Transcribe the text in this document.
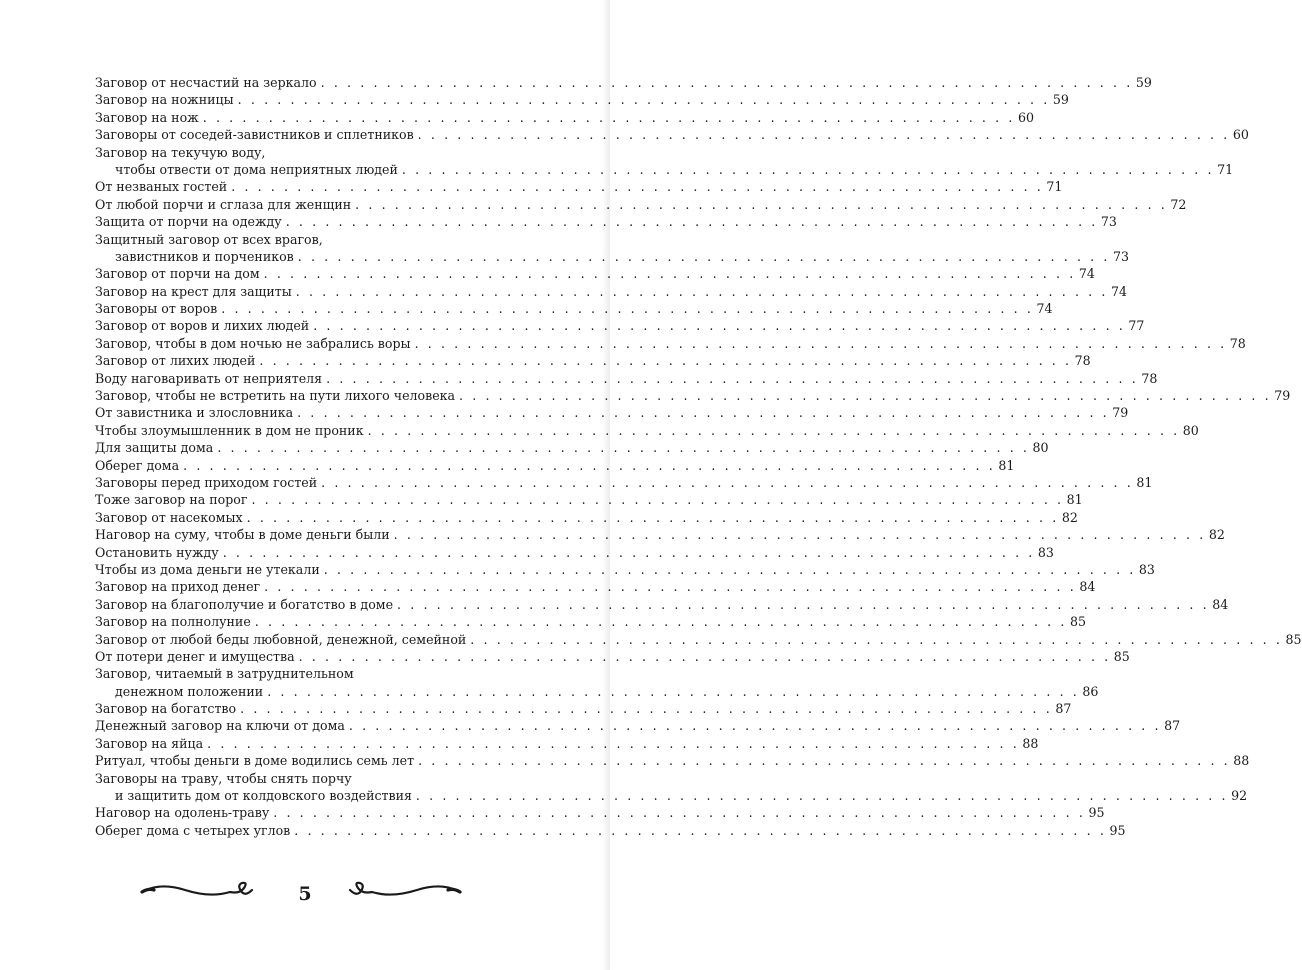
Заговор от несчастий на зеркало . . . . . . . . . . . . . . . . . . . . . . . . . . . . . . . . . . . . . . . . . . . . . . . . . . . . . . . . . . . . . . 59
Заговор на ножницы . . . . . . . . . . . . . . . . . . . . . . . . . . . . . . . . . . . . . . . . . . . . . . . . . . . . . . . . . . . . . . 59
Заговор на нож . . . . . . . . . . . . . . . . . . . . . . . . . . . . . . . . . . . . . . . . . . . . . . . . . . . . . . . . . . . . . . 60
Заговоры от соседей-завистников и сплетников . . . . . . . . . . . . . . . . . . . . . . . . . . . . . . . . . . . . . . . . . . . . . . . . . . . . . . . . . . . . . . 60
Заговор на текучую воду,
чтобы отвести от дома неприятных людей . . . . . . . . . . . . . . . . . . . . . . . . . . . . . . . . . . . . . . . . . . . . . . . . . . . . . . . . . . . . . . 71
От незваных гостей . . . . . . . . . . . . . . . . . . . . . . . . . . . . . . . . . . . . . . . . . . . . . . . . . . . . . . . . . . . . . . 71
От любой порчи и сглаза для женщин . . . . . . . . . . . . . . . . . . . . . . . . . . . . . . . . . . . . . . . . . . . . . . . . . . . . . . . . . . . . . . 72
Защита от порчи на одежду . . . . . . . . . . . . . . . . . . . . . . . . . . . . . . . . . . . . . . . . . . . . . . . . . . . . . . . . . . . . . . 73
Защитный заговор от всех врагов,
завистников и порчеников . . . . . . . . . . . . . . . . . . . . . . . . . . . . . . . . . . . . . . . . . . . . . . . . . . . . . . . . . . . . . . 73
Заговор от порчи на дом . . . . . . . . . . . . . . . . . . . . . . . . . . . . . . . . . . . . . . . . . . . . . . . . . . . . . . . . . . . . . . 74
Заговор на крест для защиты . . . . . . . . . . . . . . . . . . . . . . . . . . . . . . . . . . . . . . . . . . . . . . . . . . . . . . . . . . . . . . 74
Заговоры от воров . . . . . . . . . . . . . . . . . . . . . . . . . . . . . . . . . . . . . . . . . . . . . . . . . . . . . . . . . . . . . . 74
Заговор от воров и лихих людей . . . . . . . . . . . . . . . . . . . . . . . . . . . . . . . . . . . . . . . . . . . . . . . . . . . . . . . . . . . . . . 77
Заговор, чтобы в дом ночью не забрались воры . . . . . . . . . . . . . . . . . . . . . . . . . . . . . . . . . . . . . . . . . . . . . . . . . . . . . . . . . . . . . . 78
Заговор от лихих людей . . . . . . . . . . . . . . . . . . . . . . . . . . . . . . . . . . . . . . . . . . . . . . . . . . . . . . . . . . . . . . 78
Воду наговаривать от неприятеля . . . . . . . . . . . . . . . . . . . . . . . . . . . . . . . . . . . . . . . . . . . . . . . . . . . . . . . . . . . . . . 78
Заговор, чтобы не встретить на пути лихого человека . . . . . . . . . . . . . . . . . . . . . . . . . . . . . . . . . . . . . . . . . . . . . . . . . . . . . . . . . . . . . . 79
От завистника и злословника . . . . . . . . . . . . . . . . . . . . . . . . . . . . . . . . . . . . . . . . . . . . . . . . . . . . . . . . . . . . . . 79
Чтобы злоумышленник в дом не проник . . . . . . . . . . . . . . . . . . . . . . . . . . . . . . . . . . . . . . . . . . . . . . . . . . . . . . . . . . . . . . 80
Для защиты дома . . . . . . . . . . . . . . . . . . . . . . . . . . . . . . . . . . . . . . . . . . . . . . . . . . . . . . . . . . . . . . 80
Оберег дома . . . . . . . . . . . . . . . . . . . . . . . . . . . . . . . . . . . . . . . . . . . . . . . . . . . . . . . . . . . . . . 81
Заговоры перед приходом гостей . . . . . . . . . . . . . . . . . . . . . . . . . . . . . . . . . . . . . . . . . . . . . . . . . . . . . . . . . . . . . . 81
Тоже заговор на порог . . . . . . . . . . . . . . . . . . . . . . . . . . . . . . . . . . . . . . . . . . . . . . . . . . . . . . . . . . . . . . 81
Заговор от насекомых . . . . . . . . . . . . . . . . . . . . . . . . . . . . . . . . . . . . . . . . . . . . . . . . . . . . . . . . . . . . . . 82
Наговор на суму, чтобы в доме деньги были . . . . . . . . . . . . . . . . . . . . . . . . . . . . . . . . . . . . . . . . . . . . . . . . . . . . . . . . . . . . . . 82
Остановить нужду . . . . . . . . . . . . . . . . . . . . . . . . . . . . . . . . . . . . . . . . . . . . . . . . . . . . . . . . . . . . . . 83
Чтобы из дома деньги не утекали . . . . . . . . . . . . . . . . . . . . . . . . . . . . . . . . . . . . . . . . . . . . . . . . . . . . . . . . . . . . . . 83
Заговор на приход денег . . . . . . . . . . . . . . . . . . . . . . . . . . . . . . . . . . . . . . . . . . . . . . . . . . . . . . . . . . . . . . 84
Заговор на благополучие и богатство в доме . . . . . . . . . . . . . . . . . . . . . . . . . . . . . . . . . . . . . . . . . . . . . . . . . . . . . . . . . . . . . . 84
Заговор на полнолуние . . . . . . . . . . . . . . . . . . . . . . . . . . . . . . . . . . . . . . . . . . . . . . . . . . . . . . . . . . . . . . 85
Заговор от любой беды любовной, денежной, семейной . . . . . . . . . . . . . . . . . . . . . . . . . . . . . . . . . . . . . . . . . . . . . . . . . . . . . . . . . . . . . . 85
От потери денег и имущества . . . . . . . . . . . . . . . . . . . . . . . . . . . . . . . . . . . . . . . . . . . . . . . . . . . . . . . . . . . . . . 85
Заговор, читаемый в затруднительном
денежном положении . . . . . . . . . . . . . . . . . . . . . . . . . . . . . . . . . . . . . . . . . . . . . . . . . . . . . . . . . . . . . . 86
Заговор на богатство . . . . . . . . . . . . . . . . . . . . . . . . . . . . . . . . . . . . . . . . . . . . . . . . . . . . . . . . . . . . . . 87
Денежный заговор на ключи от дома . . . . . . . . . . . . . . . . . . . . . . . . . . . . . . . . . . . . . . . . . . . . . . . . . . . . . . . . . . . . . . 87
Заговор на яйца . . . . . . . . . . . . . . . . . . . . . . . . . . . . . . . . . . . . . . . . . . . . . . . . . . . . . . . . . . . . . . 88
Ритуал, чтобы деньги в доме водились семь лет . . . . . . . . . . . . . . . . . . . . . . . . . . . . . . . . . . . . . . . . . . . . . . . . . . . . . . . . . . . . . . 88
Заговоры на траву, чтобы снять порчу
и защитить дом от колдовского воздействия . . . . . . . . . . . . . . . . . . . . . . . . . . . . . . . . . . . . . . . . . . . . . . . . . . . . . . . . . . . . . . 92
Наговор на одолень-траву . . . . . . . . . . . . . . . . . . . . . . . . . . . . . . . . . . . . . . . . . . . . . . . . . . . . . . . . . . . . . . 95
Оберег дома с четырех углов . . . . . . . . . . . . . . . . . . . . . . . . . . . . . . . . . . . . . . . . . . . . . . . . . . . . . . . . . . . . . . 95
5
